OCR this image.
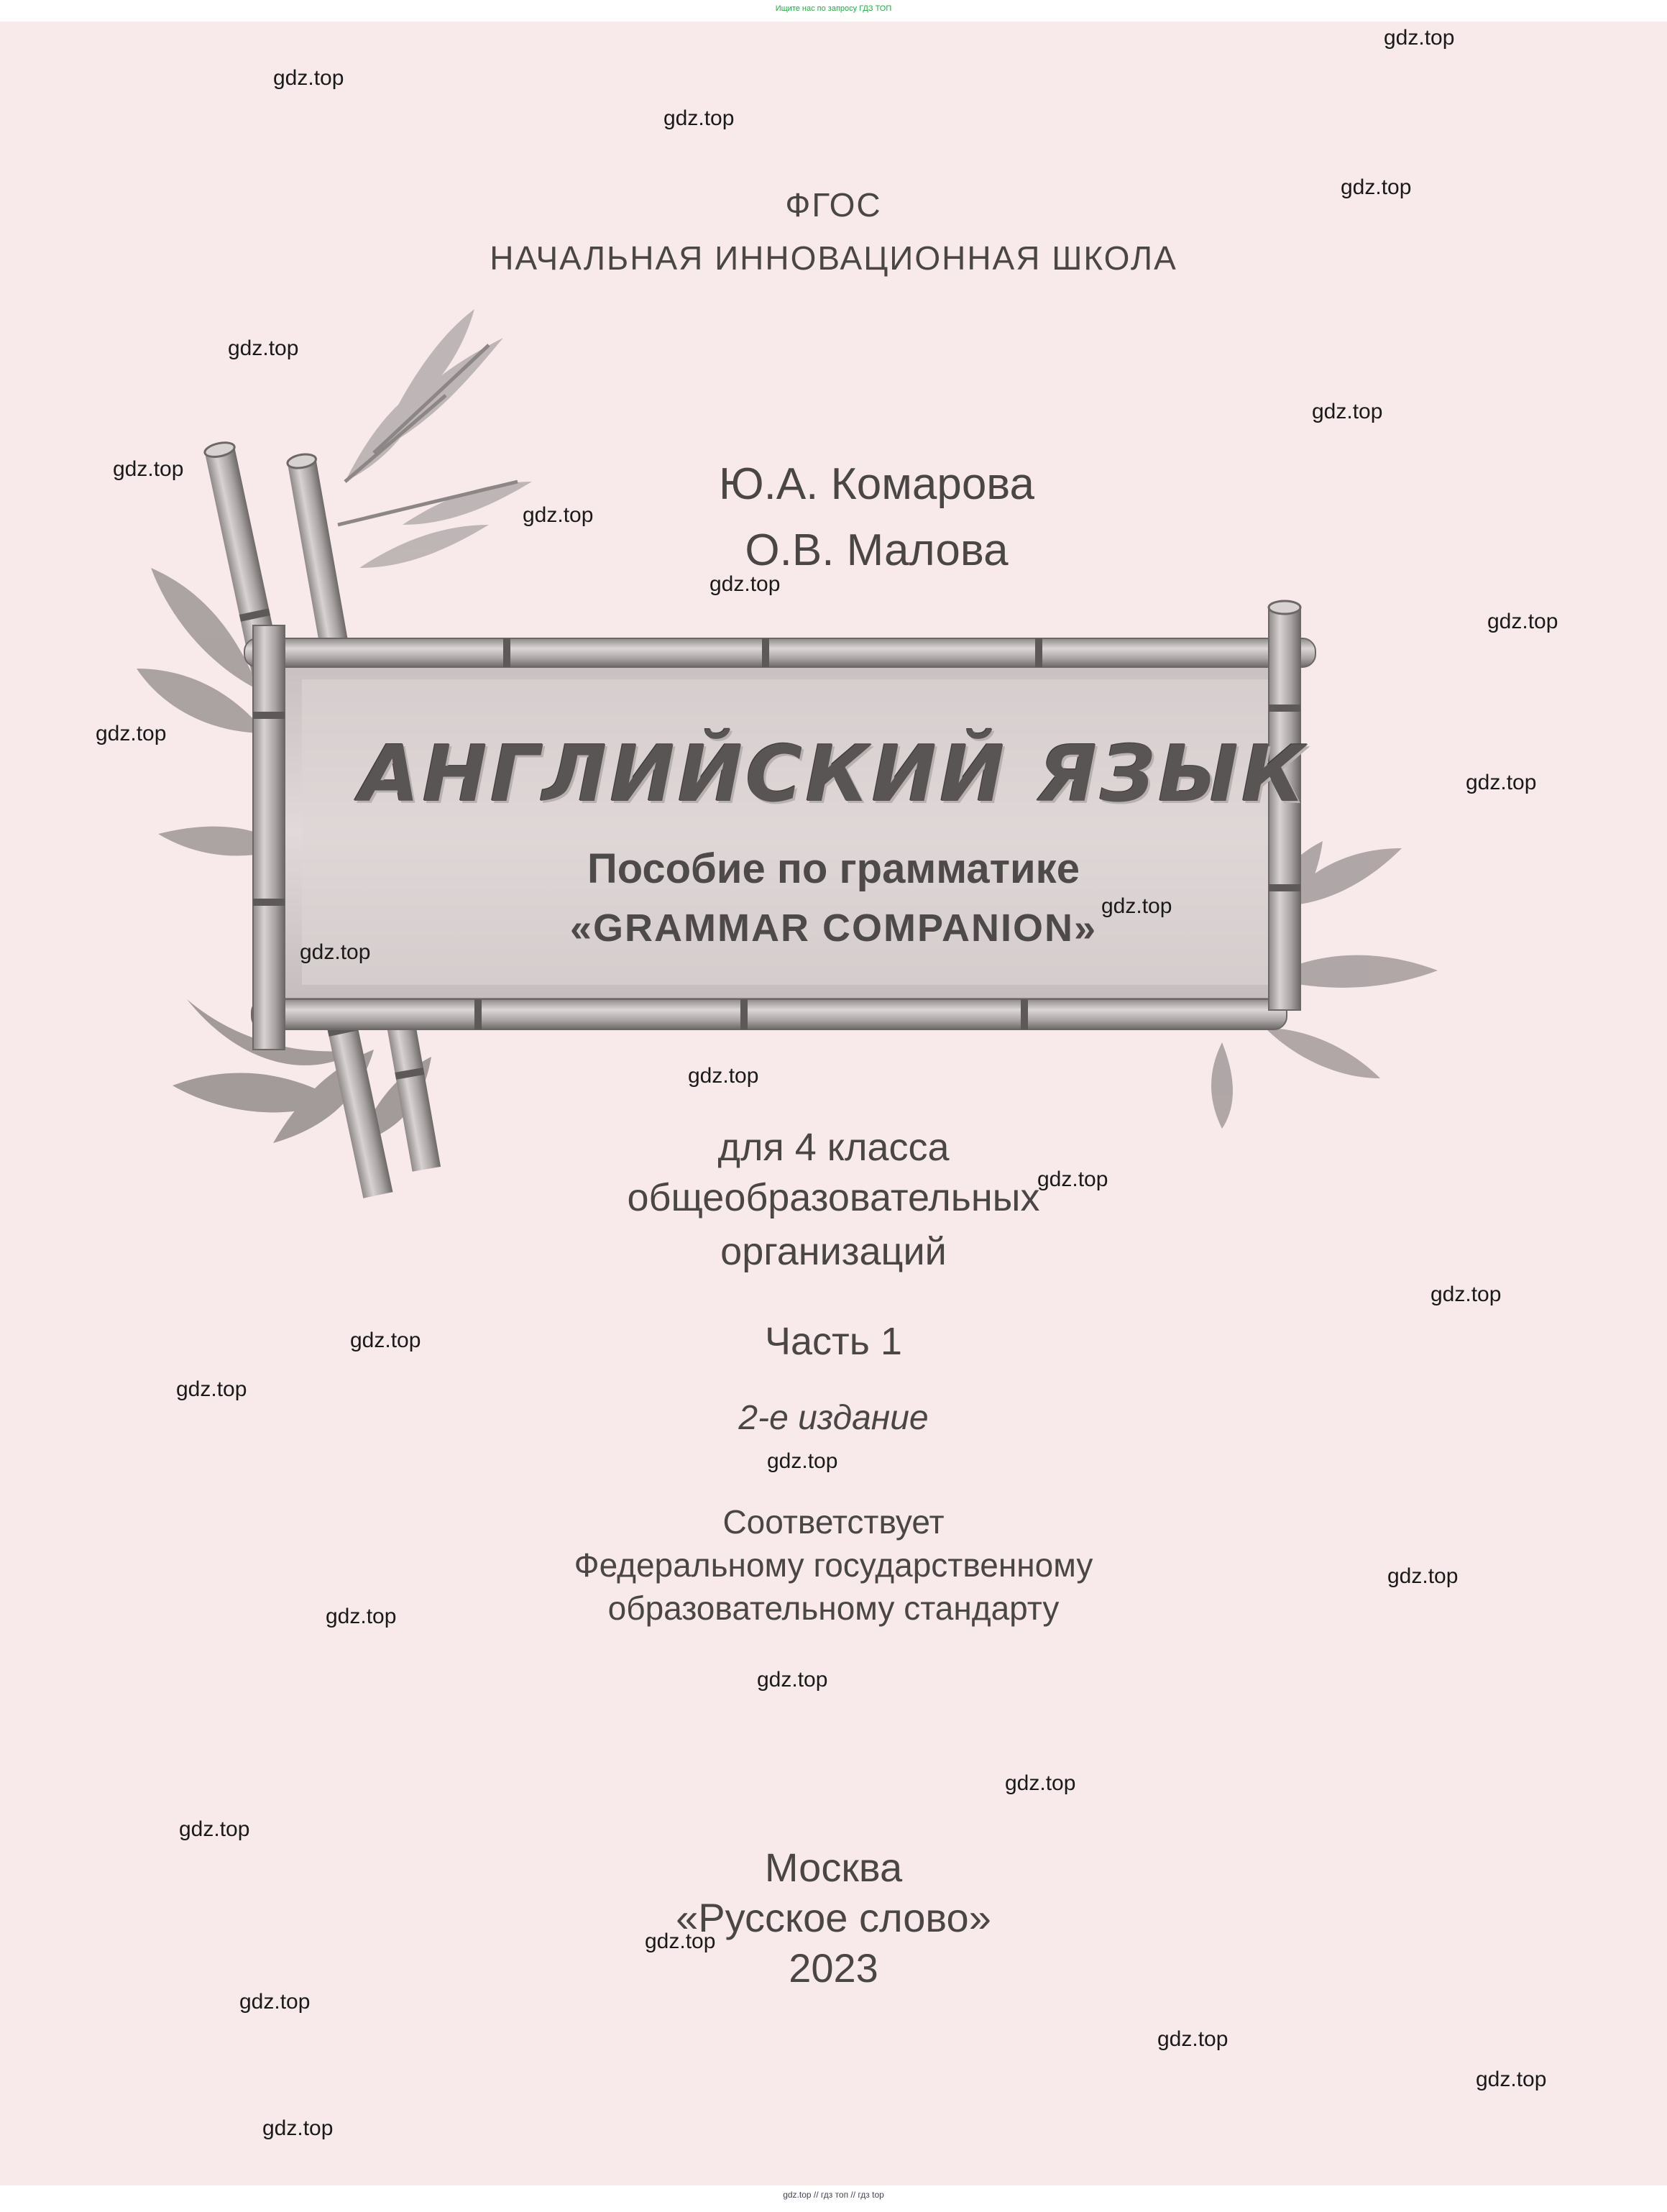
Ищите нас по запросу ГДЗ ТОП

ФГОС
НАЧАЛЬНАЯ ИННОВАЦИОННАЯ ШКОЛА
Ю.А. Комарова
О.В. Малова
АНГЛИЙСКИЙ ЯЗЫК
Пособие по грамматике
«GRAMMAR COMPANION»
для 4 класса
общеобразовательных
организаций
Часть 1
2-е издание
Соответствует
Федеральному государственному
образовательному стандарту
Москва
«Русское слово»
2023
gdz.top
gdz.top
gdz.top
gdz.top
gdz.top
gdz.top
gdz.top
gdz.top
gdz.top
gdz.top
gdz.top
gdz.top
gdz.top
gdz.top
gdz.top
gdz.top
gdz.top
gdz.top
gdz.top
gdz.top
gdz.top
gdz.top
gdz.top
gdz.top
gdz.top
gdz.top
gdz.top
gdz.top
gdz.top
gdz.top
gdz.top // гдз топ // гдз top
